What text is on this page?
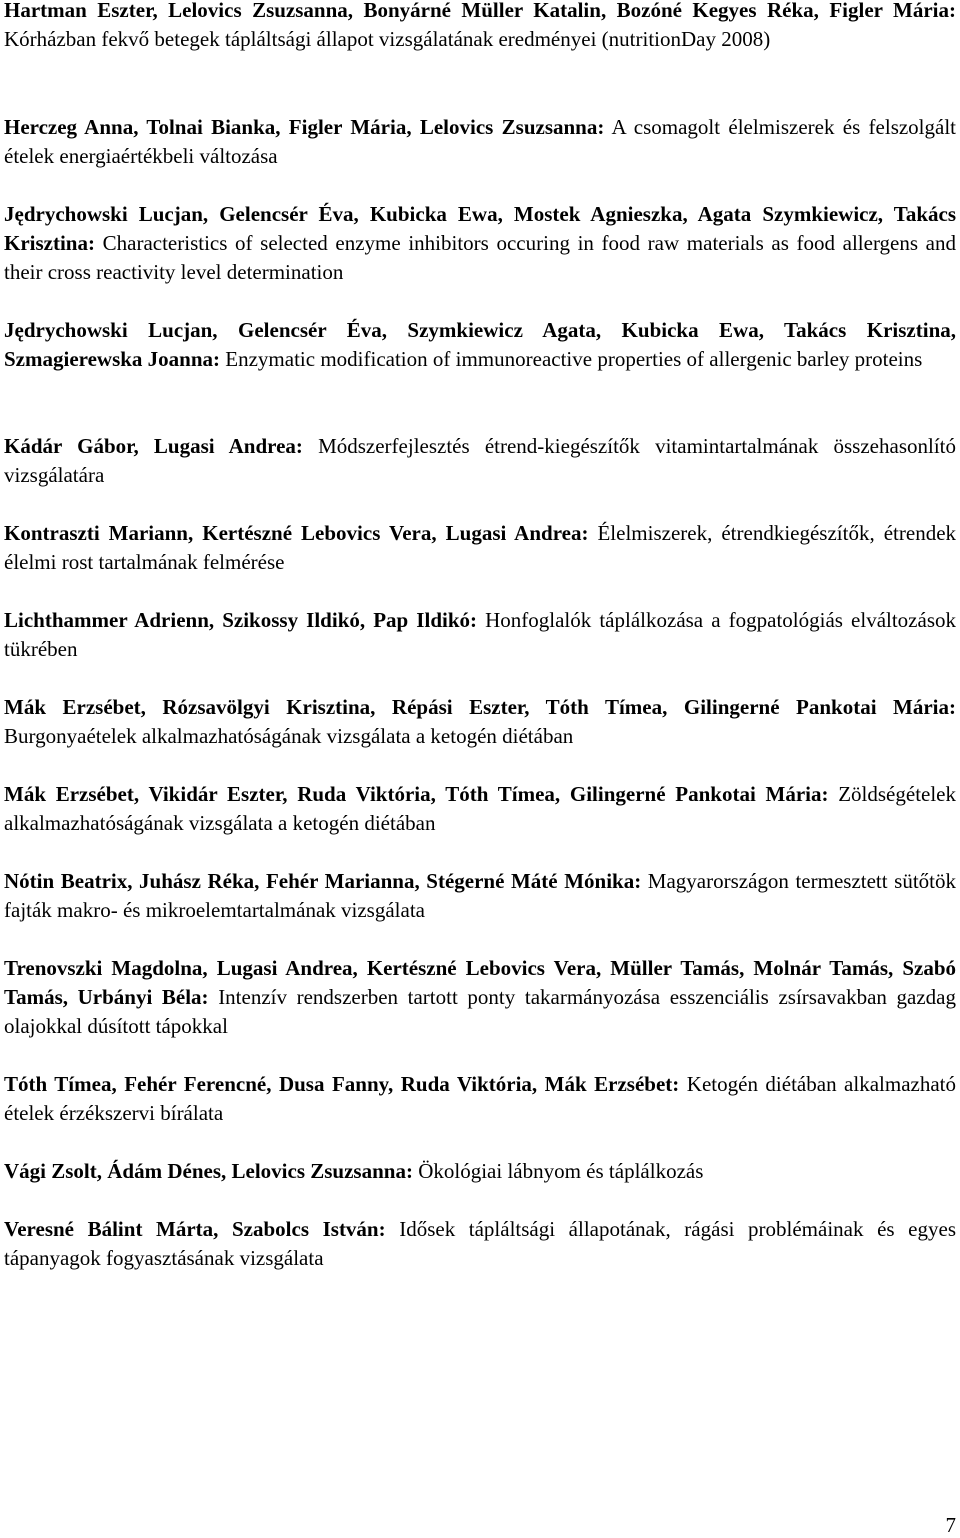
Hartman Eszter, Lelovics Zsuzsanna, Bonyárné Müller Katalin, Bozóné Kegyes Réka, Figler Mária: Kórházban fekvő betegek tápláltsági állapot vizsgálatának eredményei (nutritionDay 2008)

Herczeg Anna, Tolnai Bianka, Figler Mária, Lelovics Zsuzsanna: A csomagolt élelmiszerek és felszolgált ételek energiaértékbeli változása

Jędrychowski Lucjan, Gelencsér Éva, Kubicka Ewa, Mostek Agnieszka, Agata Szymkiewicz, Takács Krisztina: Characteristics of selected enzyme inhibitors occuring in food raw materials as food allergens and their cross reactivity level determination

Jędrychowski Lucjan, Gelencsér Éva, Szymkiewicz Agata, Kubicka Ewa, Takács Krisztina, Szmagierewska Joanna: Enzymatic modification of immunoreactive properties of allergenic barley proteins

Kádár Gábor, Lugasi Andrea: Módszerfejlesztés étrend-kiegészítők vitamintartalmának összehasonlító vizsgálatára

Kontraszti Mariann, Kertészné Lebovics Vera, Lugasi Andrea: Élelmiszerek, étrendkiegészítők, étrendek élelmi rost tartalmának felmérése

Lichthammer Adrienn, Szikossy Ildikó, Pap Ildikó: Honfoglalók táplálkozása a fogpatológiás elváltozások tükrében

Mák Erzsébet, Rózsavölgyi Krisztina, Répási Eszter, Tóth Tímea, Gilingerné Pankotai Mária: Burgonyaételek alkalmazhatóságának vizsgálata a ketogén diétában

Mák Erzsébet, Vikidár Eszter, Ruda Viktória, Tóth Tímea, Gilingerné Pankotai Mária: Zöldségételek alkalmazhatóságának vizsgálata a ketogén diétában

Nótin Beatrix, Juhász Réka, Fehér Marianna, Stégerné Máté Mónika: Magyarországon termesztett sütőtök fajták makro- és mikroelemtartalmának vizsgálata

Trenovszki Magdolna, Lugasi Andrea, Kertészné Lebovics Vera, Müller Tamás, Molnár Tamás, Szabó Tamás, Urbányi Béla: Intenzív rendszerben tartott ponty takarmányozása esszenciális zsírsavakban gazdag olajokkal dúsított tápokkal

Tóth Tímea, Fehér Ferencné, Dusa Fanny, Ruda Viktória, Mák Erzsébet: Ketogén diétában alkalmazható ételek érzékszervi bírálata

Vági Zsolt, Ádám Dénes, Lelovics Zsuzsanna: Ökológiai lábnyom és táplálkozás

Veresné Bálint Márta, Szabolcs István: Idősek tápláltsági állapotának, rágási problémáinak és egyes tápanyagok fogyasztásának vizsgálata

7
